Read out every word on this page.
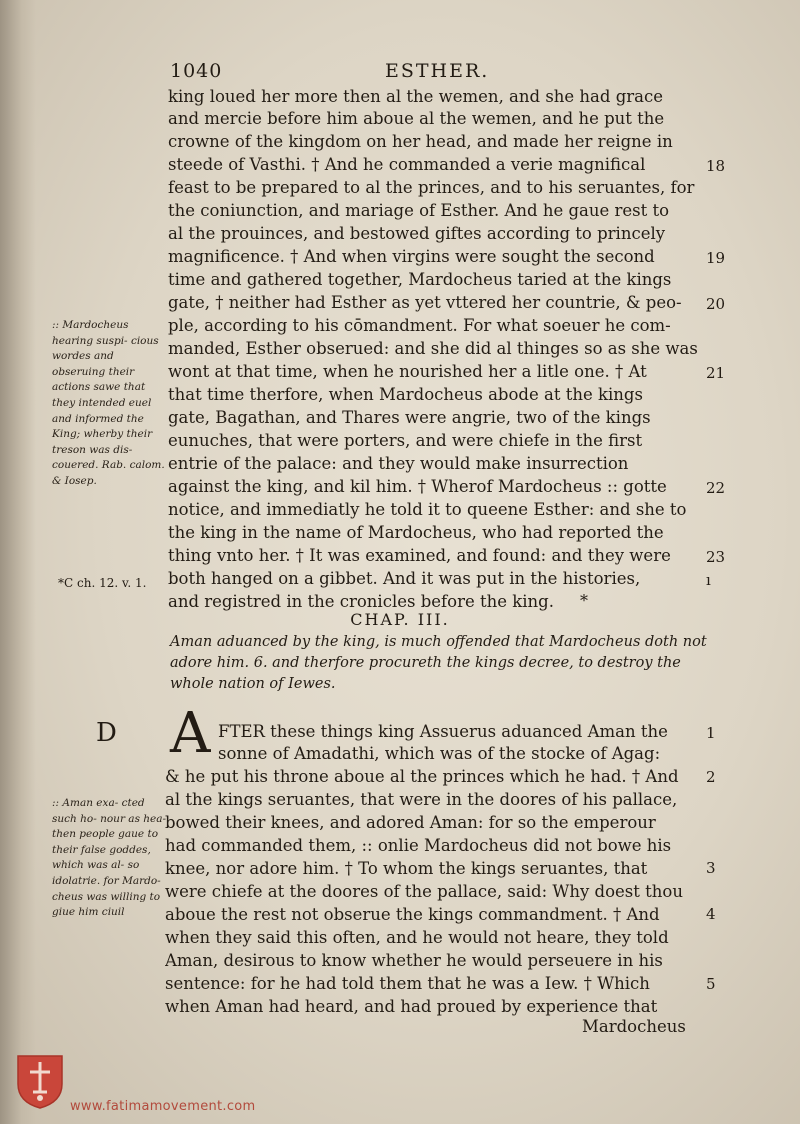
1040	ESTHER.
king loued her more then al the wemen, and she had grace
and mercie before him aboue al the wemen, and he put the
crowne of the kingdom on her head, and made her reigne in
steede of Vasthi. † And he commanded a verie magnifical
feast to be prepared to al the princes, and to his seruantes, for
the coniunction, and mariage of Esther. And he gaue rest to
al the prouinces, and bestowed giftes according to princely
magnificence. † And when virgins were sought the second
time and gathered together, Mardocheus taried at the kings
gate, † neither had Esther as yet vttered her countrie, & peo-
ple, according to his cōmandment. For what soeuer he com-
manded, Esther obserued: and she did al thinges so as she was
wont at that time, when he nourished her a litle one. † At
that time therfore, when Mardocheus abode at the kings
gate, Bagathan, and Thares were angrie, two of the kings
eunuches, that were porters, and were chiefe in the first
entrie of the palace: and they would make insurrection
against the king, and kil him. † Wherof Mardocheus :: gotte
notice, and immediatly he told it to queene Esther: and she to
the king in the name of Mardocheus, who had reported the
thing vnto her. † It was examined, and found: and they were
both hanged on a gibbet. And it was put in the histories,
and registred in the cronicles before the king.	*
18
19
20
21
22
23
ı
:: Mardocheus hearing suspi- cious wordes and obseruing their actions sawe that they intended euel and informed the King; wherby their treson was dis- couered. Rab. calom. & Iosep.
*C ch. 12. v. 1.
CHAP. III.
Aman aduanced by the king, is much offended that Mardocheus doth not adore him. 6. and therfore procureth the kings decree, to destroy the whole nation of Iewes.
D A FTER these things king Assuerus aduanced Aman the
sonne of Amadathi, which was of the stocke of Agag:
& he put his throne aboue al the princes which he had. † And
al the kings seruantes, that were in the doores of his pallace,
bowed their knees, and adored Aman: for so the emperour
had commanded them, :: onlie Mardocheus did not bowe his
knee, nor adore him. † To whom the kings seruantes, that
were chiefe at the doores of the pallace, said: Why doest thou
aboue the rest not obserue the kings commandment. † And
when they said this often, and he would not heare, they told
Aman, desirous to know whether he would perseuere in his
sentence: for he had told them that he was a Iew. † Which
when Aman had heard, and had proued by experience that
Mardocheus
1
2
3
4
5
:: Aman exa- cted such ho- nour as hea- then people gaue to their false goddes, which was al- so idolatrie. for Mardo- cheus was willing to giue him ciuil
www.fatimamovement.com
